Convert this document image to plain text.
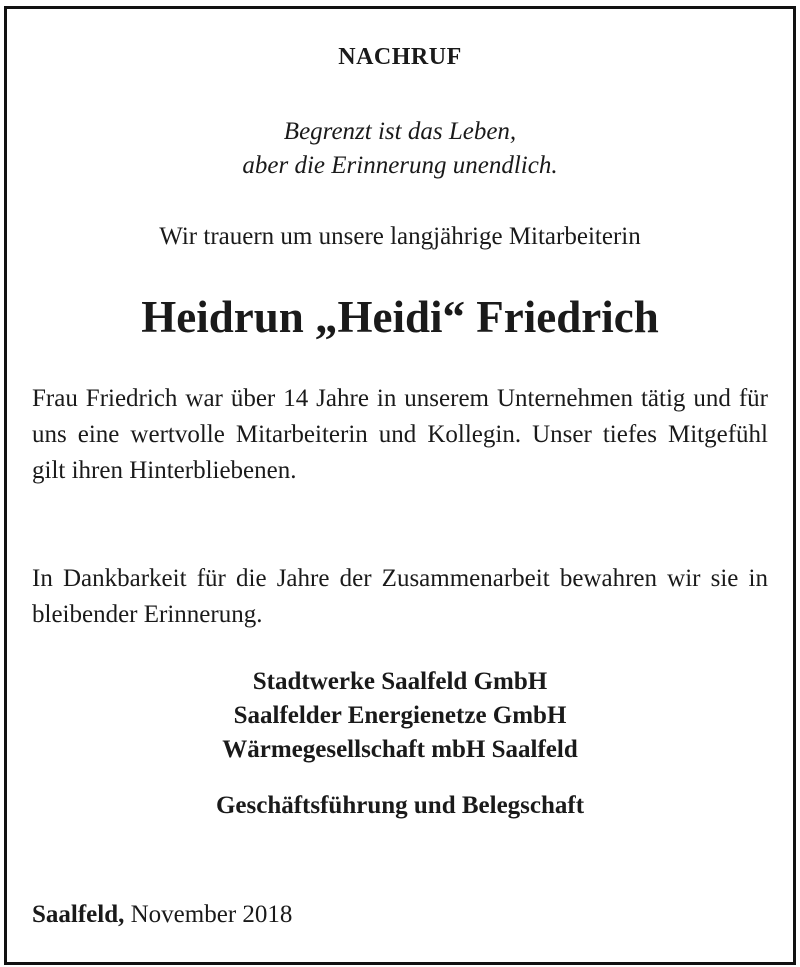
NACHRUF
Begrenzt ist das Leben,
aber die Erinnerung unendlich.
Wir trauern um unsere langjährige Mitarbeiterin
Heidrun „Heidi“ Friedrich
Frau Friedrich war über 14 Jahre in unserem Unternehmen tätig und für uns eine wertvolle Mitarbeiterin und Kollegin. Unser tiefes Mitgefühl gilt ihren Hinterbliebenen.
In Dankbarkeit für die Jahre der Zusammenarbeit bewahren wir sie in bleibender Erinnerung.
Stadtwerke Saalfeld GmbH
Saalfelder Energienetze GmbH
Wärmegesellschaft mbH Saalfeld
Geschäftsführung und Belegschaft
Saalfeld, November 2018
